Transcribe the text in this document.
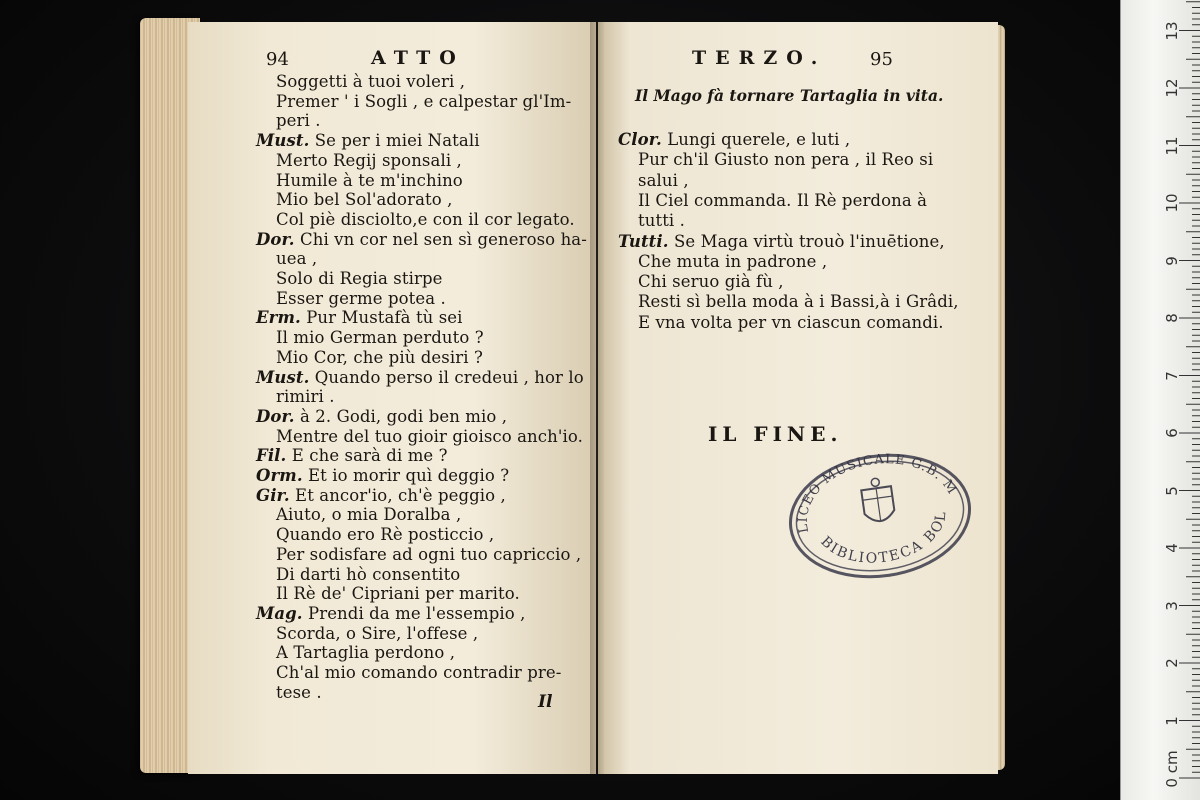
94	ATTO
Soggetti à tuoi voleri ,
Premer ' i Sogli , e calpestar gl'Im-
peri .
Must. Se per i miei Natali
Merto Regij sponsali ,
Humile à te m'inchino
Mio bel Sol'adorato ,
Col piè disciolto,e con il cor legato.
Dor. Chi vn cor nel sen sì generoso ha-
uea ,
Solo di Regia stirpe
Esser germe potea .
Erm. Pur Mustafà tù sei
Il mio German perduto ?
Mio Cor, che più desiri ?
Must. Quando perso il credeui , hor lo
rimiri .
Dor. à 2. Godi, godi ben mio ,
Mentre del tuo gioir gioisco anch'io.
Fil. E che sarà di me ?
Orm. Et io morir quì deggio ?
Gir. Et ancor'io, ch'è peggio ,
Aiuto, o mia Doralba ,
Quando ero Rè posticcio ,
Per sodisfare ad ogni tuo capriccio ,
Di darti hò consentito
Il Rè de' Cipriani per marito.
Mag. Prendi da me l'essempio ,
Scorda, o Sire, l'offese ,
A Tartaglia perdono ,
Ch'al mio comando contradir pre-
tese .	Il
TERZO. 95
Il Mago fà tornare Tartaglia in vita.
Clor. Lungi querele, e luti ,
Pur ch'il Giusto non pera , il Reo si
salui ,
Il Ciel commanda. Il Rè perdona à
tutti .
Tutti. Se Maga virtù trouò l'inuētione,
Che muta in padrone ,
Chi seruo già fù ,
Resti sì bella moda à i Bassi,à i Grâdi,
E vna volta per vn ciascun comandi.
IL FINE.
LICEO MUSICALE G.B. MARTINI
BIBLIOTECA BOLOGNA
0 cm
1
2
3
4
5
6
7
8
9
10
11
12
13
